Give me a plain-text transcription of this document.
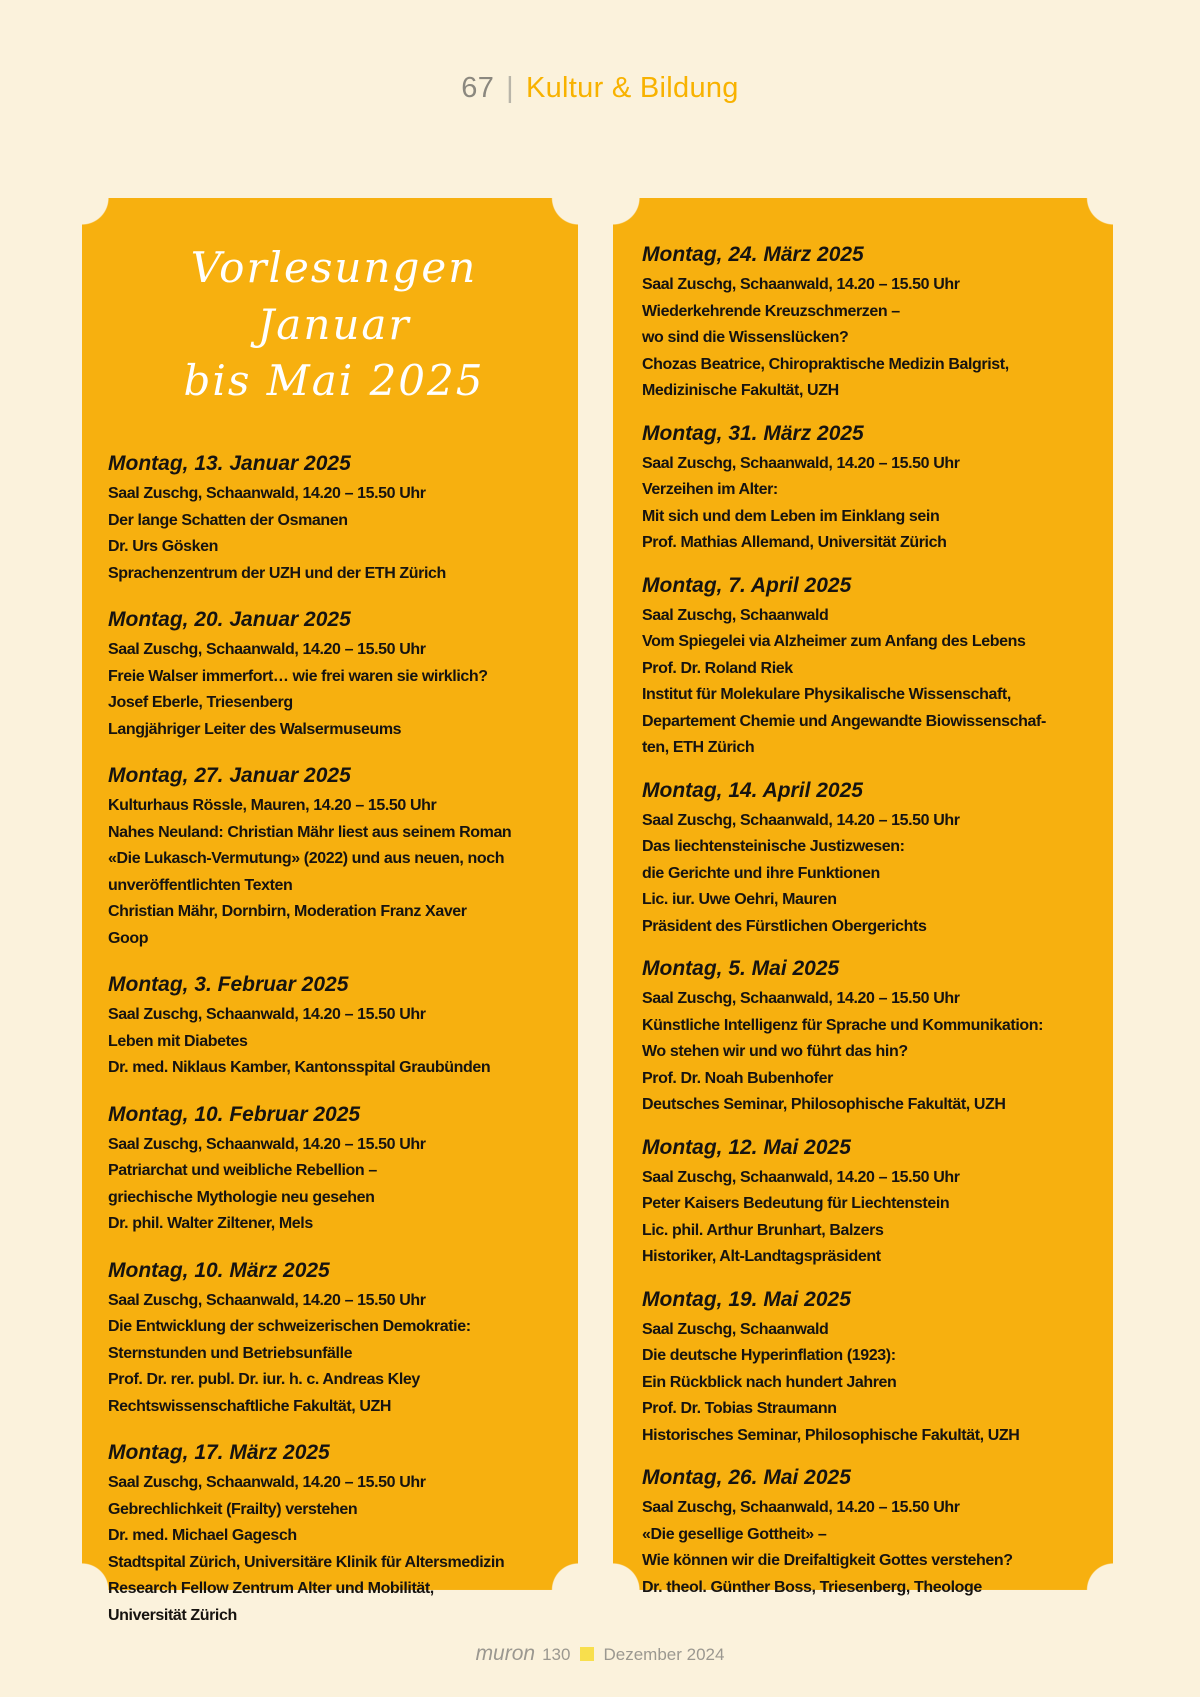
67 | Kultur & Bildung
Vorlesungen Januar
bis Mai 2025
Montag, 13. Januar 2025

Saal Zuschg, Schaanwald, 14.20 – 15.50 Uhr

Der lange Schatten der Osmanen

Dr. Urs Gösken

Sprachenzentrum der UZH und der ETH Zürich

Montag, 20. Januar 2025

Saal Zuschg, Schaanwald, 14.20 – 15.50 Uhr

Freie Walser immerfort… wie frei waren sie wirklich?

Josef Eberle, Triesenberg

Langjähriger Leiter des Walsermuseums

Montag, 27. Januar 2025

Kulturhaus Rössle, Mauren, 14.20 – 15.50 Uhr

Nahes Neuland: Christian Mähr liest aus seinem Roman

«Die Lukasch-Vermutung» (2022) und aus neuen, noch

unveröffentlichten Texten

Christian Mähr, Dornbirn, Moderation Franz Xaver

Goop

Montag, 3. Februar 2025

Saal Zuschg, Schaanwald, 14.20 – 15.50 Uhr

Leben mit Diabetes

Dr. med. Niklaus Kamber, Kantonsspital Graubünden

Montag, 10. Februar 2025

Saal Zuschg, Schaanwald, 14.20 – 15.50 Uhr

Patriarchat und weibliche Rebellion –

griechische Mythologie neu gesehen

Dr. phil. Walter Ziltener, Mels

Montag, 10. März 2025

Saal Zuschg, Schaanwald, 14.20 – 15.50 Uhr

Die Entwicklung der schweizerischen Demokratie:

Sternstunden und Betriebsunfälle

Prof. Dr. rer. publ. Dr. iur. h. c. Andreas Kley

Rechtswissenschaftliche Fakultät, UZH

Montag, 17. März 2025

Saal Zuschg, Schaanwald, 14.20 – 15.50 Uhr

Gebrechlichkeit (Frailty) verstehen

Dr. med. Michael Gagesch

Stadtspital Zürich, Universitäre Klinik für Altersmedizin

Research Fellow Zentrum Alter und Mobilität,

Universität Zürich

Montag, 24. März 2025

Saal Zuschg, Schaanwald, 14.20 – 15.50 Uhr

Wiederkehrende Kreuzschmerzen –

wo sind die Wissenslücken?

Chozas Beatrice, Chiropraktische Medizin Balgrist,

Medizinische Fakultät, UZH

Montag, 31. März 2025

Saal Zuschg, Schaanwald, 14.20 – 15.50 Uhr

Verzeihen im Alter:

Mit sich und dem Leben im Einklang sein

Prof. Mathias Allemand, Universität Zürich

Montag, 7. April 2025

Saal Zuschg, Schaanwald

Vom Spiegelei via Alzheimer zum Anfang des Lebens

Prof. Dr. Roland Riek

Institut für Molekulare Physikalische Wissenschaft,

Departement Chemie und Angewandte Biowissenschaf-

ten, ETH Zürich

Montag, 14. April 2025

Saal Zuschg, Schaanwald, 14.20 – 15.50 Uhr

Das liechtensteinische Justizwesen:

die Gerichte und ihre Funktionen

Lic. iur. Uwe Oehri, Mauren

Präsident des Fürstlichen Obergerichts

Montag, 5. Mai 2025

Saal Zuschg, Schaanwald, 14.20 – 15.50 Uhr

Künstliche Intelligenz für Sprache und Kommunikation:

Wo stehen wir und wo führt das hin?

Prof. Dr. Noah Bubenhofer

Deutsches Seminar, Philosophische Fakultät, UZH

Montag, 12. Mai 2025

Saal Zuschg, Schaanwald, 14.20 – 15.50 Uhr

Peter Kaisers Bedeutung für Liechtenstein

Lic. phil. Arthur Brunhart, Balzers

Historiker, Alt-Landtagspräsident

Montag, 19. Mai 2025

Saal Zuschg, Schaanwald

Die deutsche Hyperinflation (1923):

Ein Rückblick nach hundert Jahren

Prof. Dr. Tobias Straumann

Historisches Seminar, Philosophische Fakultät, UZH

Montag, 26. Mai 2025

Saal Zuschg, Schaanwald, 14.20 – 15.50 Uhr

«Die gesellige Gottheit» –

Wie können wir die Dreifaltigkeit Gottes verstehen?

Dr. theol. Günther Boss, Triesenberg, Theologe

muron 130 Dezember 2024
